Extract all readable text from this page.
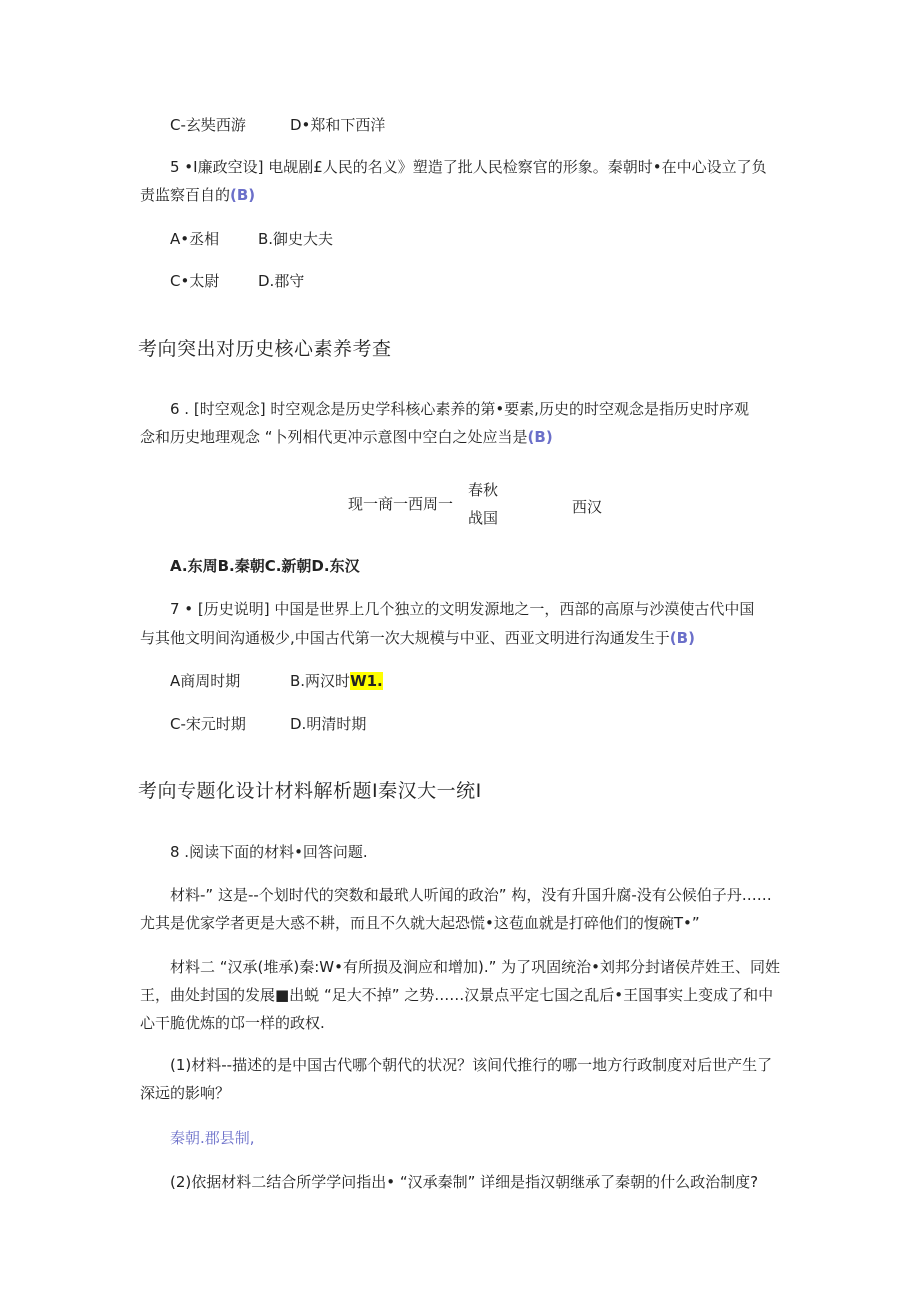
C-玄奘西游	D•郑和下西洋
5 •I廉政空设] 电觇剧£人民的名义》塑造了批人民检察官的形象。秦朝时•在中心设立了负
责监察百自的(B)
A•丞相	B.御史大夫
C•太尉	D.郡守
考向突出对历史核心素养考查
6 . [时空观念] 时空观念是历史学科核心素养的第•要素,历史的时空观念是指历史时序观
念和历史地理观念 “卜列相代更冲示意图中空白之处应当是(B)
现一商一西周一
春秋
战国
西汉
A.东周B.秦朝C.新朝D.东汉
7 • [历史说明] 中国是世界上几个独立的文明发源地之一，西部的高原与沙漠使古代中国
与其他文明间沟通极少,中国古代第一次大规模与中亚、西亚文明进行沟通发生于(B)
A商周时期	B.两汉时W1.
C-宋元时期	D.明清时期
考向专题化设计材料解析题I秦汉大一统I
8 .阅读下面的材料•回答问题.
材料-” 这是--个划时代的突数和最玳人听闻的政治” 构，没有升国升腐-没有公候伯子丹……
尤其是优家学者更是大惑不耕，而且不久就大起恐慌•这苞血就是打碎他们的愎碗T•”
材料二 “汉承(堆承)秦:W•有所损及涧应和增加).” 为了巩固统治•刘邦分封诸侯芹姓王、同姓
王，曲处封国的发展■出蜕 “足大不掉” 之势……汉景点平定七国之乱后•王国事实上变成了和中
心干脆优炼的邙一样的政权.
(1)材料--描述的是中国古代哪个朝代的状况？该间代推行的哪一地方行政制度对后世产生了
深远的影响？
秦朝.郡县制,
(2)依据材料二结合所学学问指出• “汉承秦制” 详细是指汉朝继承了秦朝的什么政治制度?
